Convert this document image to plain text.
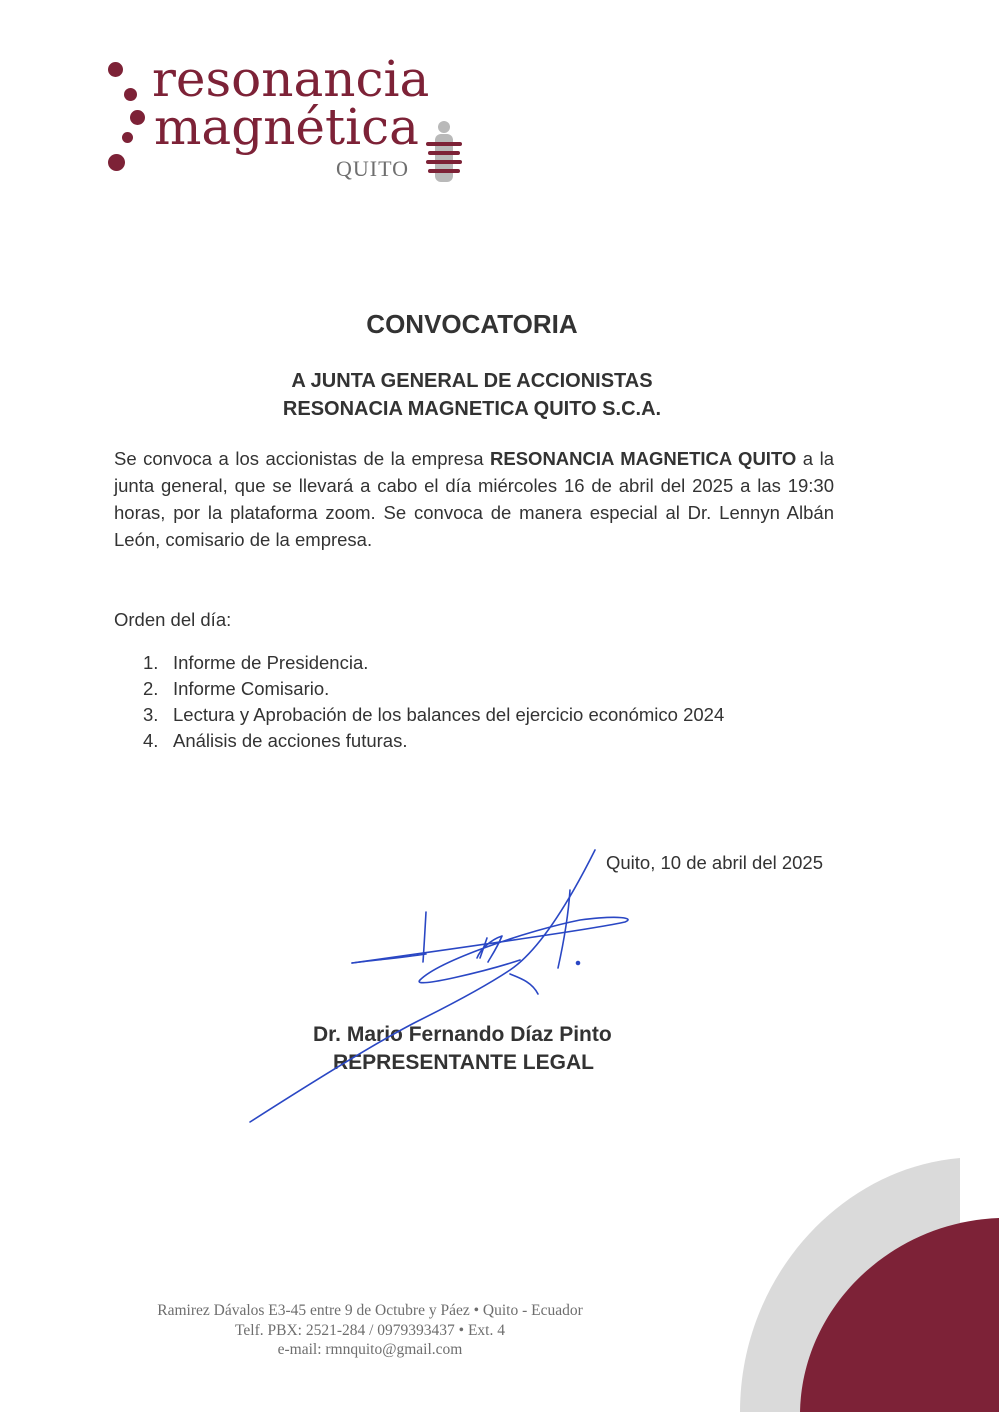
resonancia
magnética
QUITO
CONVOCATORIA
A JUNTA GENERAL DE ACCIONISTAS
RESONACIA MAGNETICA QUITO S.C.A.
Se convoca a los accionistas de la empresa RESONANCIA MAGNETICA QUITO a la junta general, que se llevará a cabo el día miércoles 16 de abril del 2025 a las 19:30 horas, por la plataforma zoom. Se convoca de manera especial al Dr. Lennyn Albán León, comisario de la empresa.
Orden del día:
1. Informe de Presidencia.
2. Informe Comisario.
3. Lectura y Aprobación de los balances del ejercicio económico 2024
4. Análisis de acciones futuras.
Quito, 10 de abril del 2025
Dr. Mario Fernando Díaz Pinto
REPRESENTANTE LEGAL
Ramirez Dávalos E3-45 entre 9 de Octubre y Páez • Quito - Ecuador
Telf. PBX: 2521-284 / 0979393437 • Ext. 4
e-mail: rmnquito@gmail.com
